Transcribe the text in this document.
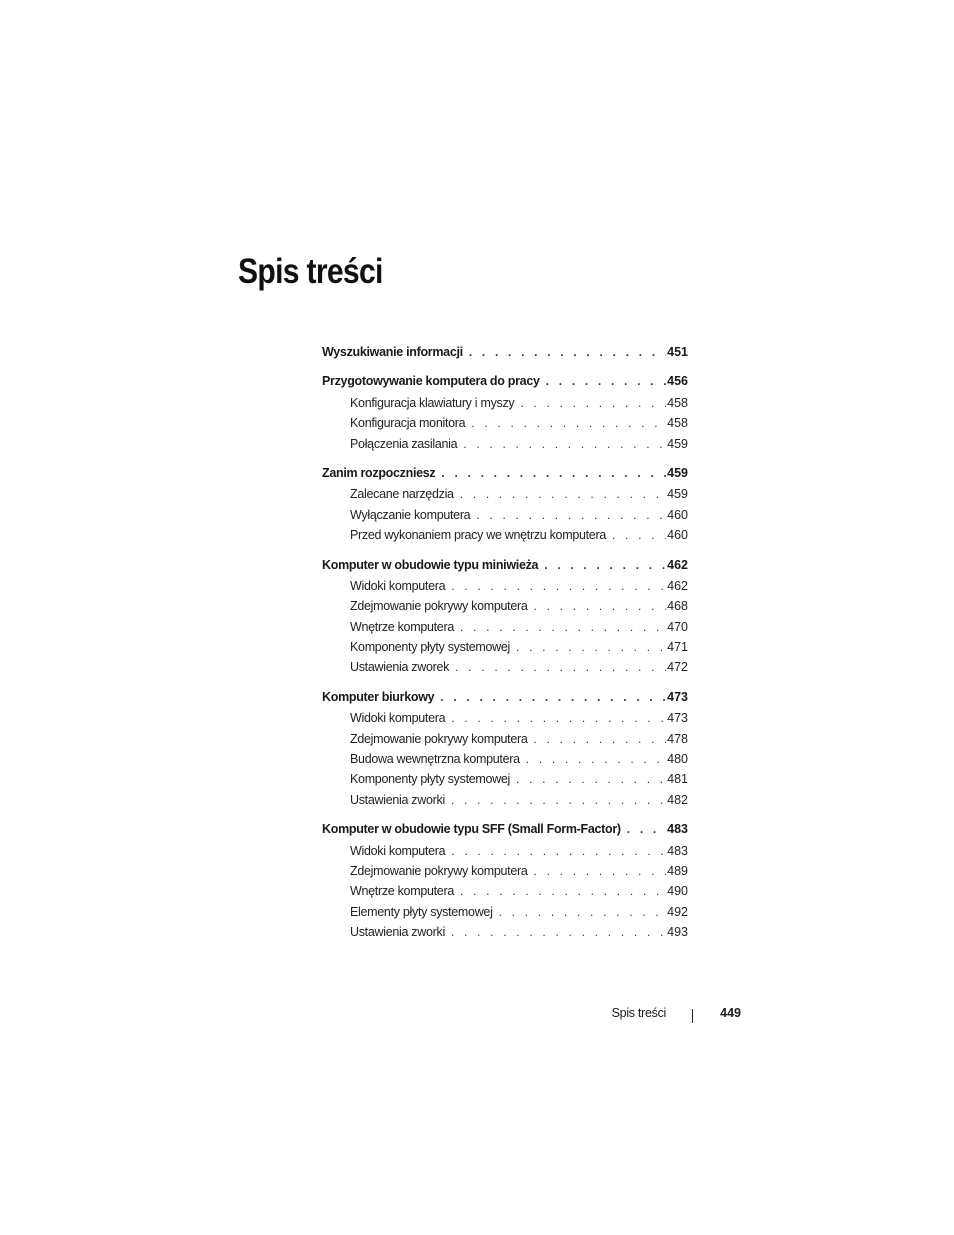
Spis treści
Wyszukiwanie informacji . . .	451
Przygotowywanie komputera do pracy . . .	456
Konfiguracja klawiatury i myszy . . .	458
Konfiguracja monitora . . .	458
Połączenia zasilania . . .	459
Zanim rozpoczniesz . . .	459
Zalecane narzędzia . . .	459
Wyłączanie komputera . . .	460
Przed wykonaniem pracy we wnętrzu komputera . . .	460
Komputer w obudowie typu miniwieża . . .	462
Widoki komputera . . .	462
Zdejmowanie pokrywy komputera . . .	468
Wnętrze komputera . . .	470
Komponenty płyty systemowej . . .	471
Ustawienia zworek . . .	472
Komputer biurkowy . . .	473
Widoki komputera . . .	473
Zdejmowanie pokrywy komputera . . .	478
Budowa wewnętrzna komputera . . .	480
Komponenty płyty systemowej . . .	481
Ustawienia zworki . . .	482
Komputer w obudowie typu SFF (Small Form-Factor) . . .	483
Widoki komputera . . .	483
Zdejmowanie pokrywy komputera . . .	489
Wnętrze komputera . . .	490
Elementy płyty systemowej . . .	492
Ustawienia zworki . . .	493
Spis treści	449
